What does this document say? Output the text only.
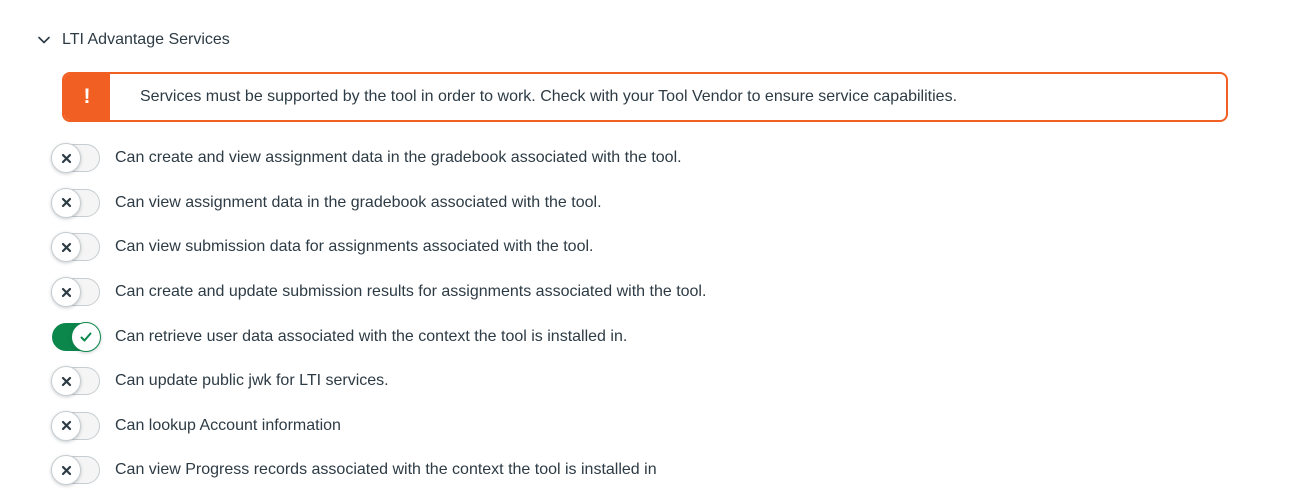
LTI Advantage Services
!	Services must be supported by the tool in order to work. Check with your Tool Vendor to ensure service capabilities.
Can create and view assignment data in the gradebook associated with the tool.
Can view assignment data in the gradebook associated with the tool.
Can view submission data for assignments associated with the tool.
Can create and update submission results for assignments associated with the tool.
Can retrieve user data associated with the context the tool is installed in.
Can update public jwk for LTI services.
Can lookup Account information
Can view Progress records associated with the context the tool is installed in
